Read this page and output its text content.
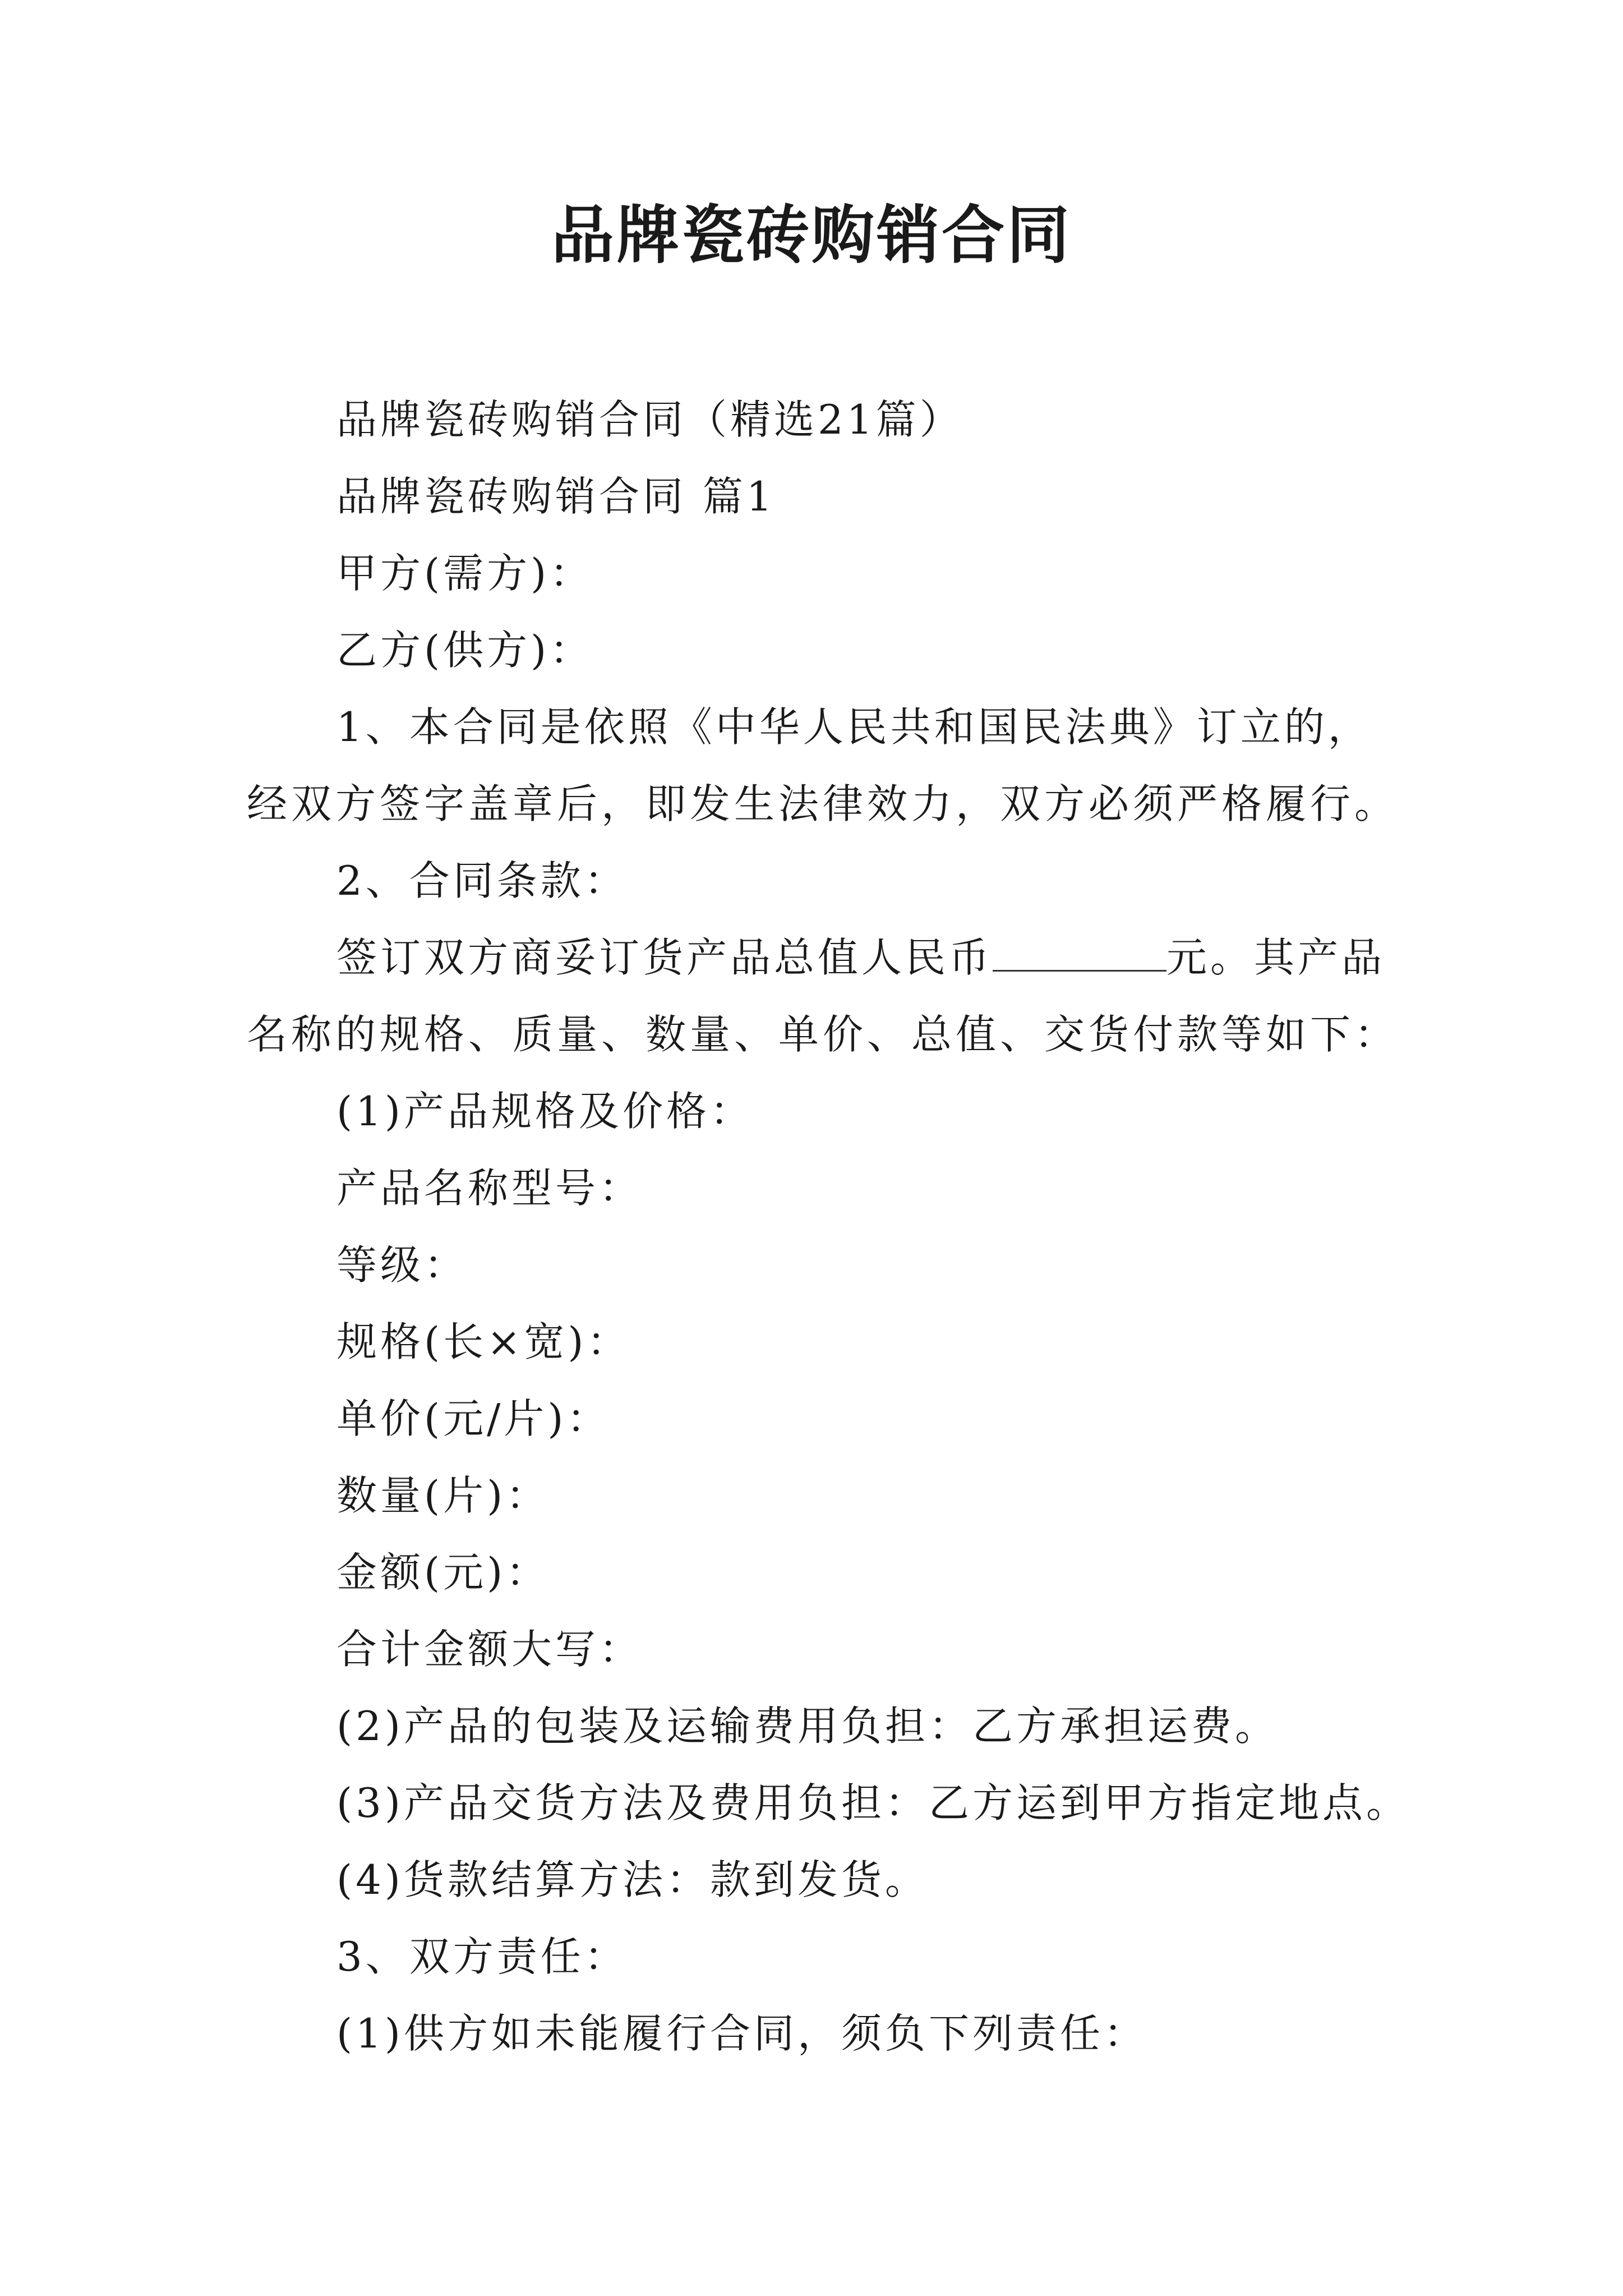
品牌瓷砖购销合同
品牌瓷砖购销合同（精选21篇）
品牌瓷砖购销合同 篇1
甲方(需方)：
乙方(供方)：
1、本合同是依照《中华人民共和国民法典》订立的，
经双方签字盖章后，即发生法律效力，双方必须严格履行。
2、合同条款：
签订双方商妥订货产品总值人民币	元。其产品
名称的规格、质量、数量、单价、总值、交货付款等如下：
(1)产品规格及价格：
产品名称型号：
等级：
规格(长×宽)：
单价(元/片)：
数量(片)：
金额(元)：
合计金额大写：
(2)产品的包装及运输费用负担：乙方承担运费。
(3)产品交货方法及费用负担：乙方运到甲方指定地点。
(4)货款结算方法：款到发货。
3、双方责任：
(1)供方如未能履行合同，须负下列责任：
